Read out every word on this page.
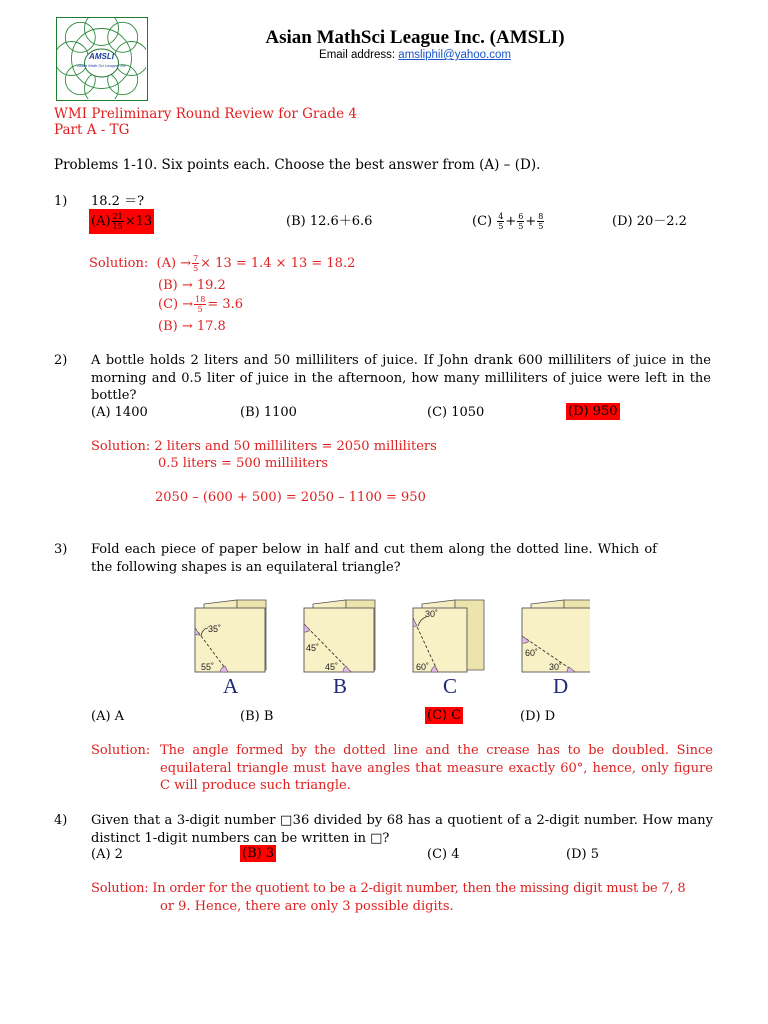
AMSLI
Asian Math Sci League, Inc
Asian MathSci League Inc. (AMSLI)
Email address: amsliphil@yahoo.com
WMI Preliminary Round Review for Grade 4
Part A - TG
Problems 1-10. Six points each. Choose the best answer from (A) – (D).
1) 18.2 ＝?
$(A) \frac{21}{15} \times 13$	(B) 12.6＋6.6	(C)
$\frac{4}{5} + \frac{6}{5} + \frac{8}{5}$	(D) 20－2.2
Solution:
$(A) \to \frac{7}{5} \times 13 = 1.4 \times 13 = 18.2$
(B) → 19.2
$(C) \to \frac{18}{5} = 3.6$
(B) → 17.8
2) A bottle holds 2 liters and 50 milliliters of juice. If John drank 600 milliliters of juice in the morning and 0.5 liter of juice in the afternoon, how many milliliters of juice were left in the bottle?
(A) 1400	(B) 1100	(C) 1050	(D) 950
Solution: 2 liters and 50 milliliters = 2050 milliliters
0.5 liters = 500 milliliters
2050 – (600 + 500) = 2050 – 1100 = 950
3) Fold each piece of paper below in half and cut them along the dotted line. Which of the following shapes is an equilateral triangle?
35˚
55˚
45˚
45˚
30˚
60˚
60˚
30˚
A	B	C	D
(A) A	(B) B	(C) C	(D) D
Solution: The angle formed by the dotted line and the crease has to be doubled. Since equilateral triangle must have angles that measure exactly 60°, hence, only figure C will produce such triangle.
4) Given that a 3-digit number □36 divided by 68 has a quotient of a 2-digit number. How many distinct 1-digit numbers can be written in □?
(A) 2	(B) 3	(C) 4	(D) 5
Solution: In order for the quotient to be a 2-digit number, then the missing digit must be 7, 8
or 9. Hence, there are only 3 possible digits.
